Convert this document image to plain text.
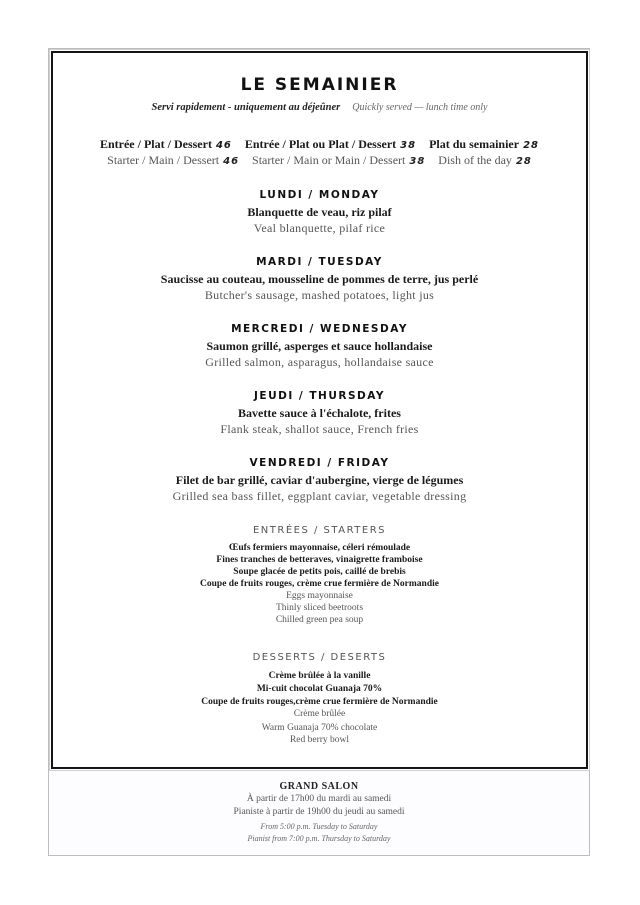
LE SEMAINIER
Servi rapidement - uniquement au déjeûner Quickly served — lunch time only
Entrée / Plat / Dessert 46 Entrée / Plat ou Plat / Dessert 38 Plat du semainier 28
Starter / Main / Dessert 46 Starter / Main or Main / Dessert 38 Dish of the day 28
LUNDI / MONDAY
Blanquette de veau, riz pilaf
Veal blanquette, pilaf rice
MARDI / TUESDAY
Saucisse au couteau, mousseline de pommes de terre, jus perlé
Butcher's sausage, mashed potatoes, light jus
MERCREDI / WEDNESDAY
Saumon grillé, asperges et sauce hollandaise
Grilled salmon, asparagus, hollandaise sauce
JEUDI / THURSDAY
Bavette sauce à l'échalote, frites
Flank steak, shallot sauce, French fries
VENDREDI / FRIDAY
Filet de bar grillé, caviar d'aubergine, vierge de légumes
Grilled sea bass fillet, eggplant caviar, vegetable dressing
ENTRÉES / STARTERS
Œufs fermiers mayonnaise, céleri rémoulade
Fines tranches de betteraves, vinaigrette framboise
Soupe glacée de petits pois, caillé de brebis
Coupe de fruits rouges, crème crue fermière de Normandie
Eggs mayonnaise
Thinly sliced beetroots
Chilled green pea soup
DESSERTS / DESERTS
Crème brûlée à la vanille
Mi-cuit chocolat Guanaja 70%
Coupe de fruits rouges,crème crue fermière de Normandie
Crème brûlée
Warm Guanaja 70% chocolate
Red berry bowl
GRAND SALON
À partir de 17h00 du mardi au samedi
Pianiste à partir de 19h00 du jeudi au samedi
From 5:00 p.m. Tuesday to Saturday
Pianist from 7:00 p.m. Thursday to Saturday
